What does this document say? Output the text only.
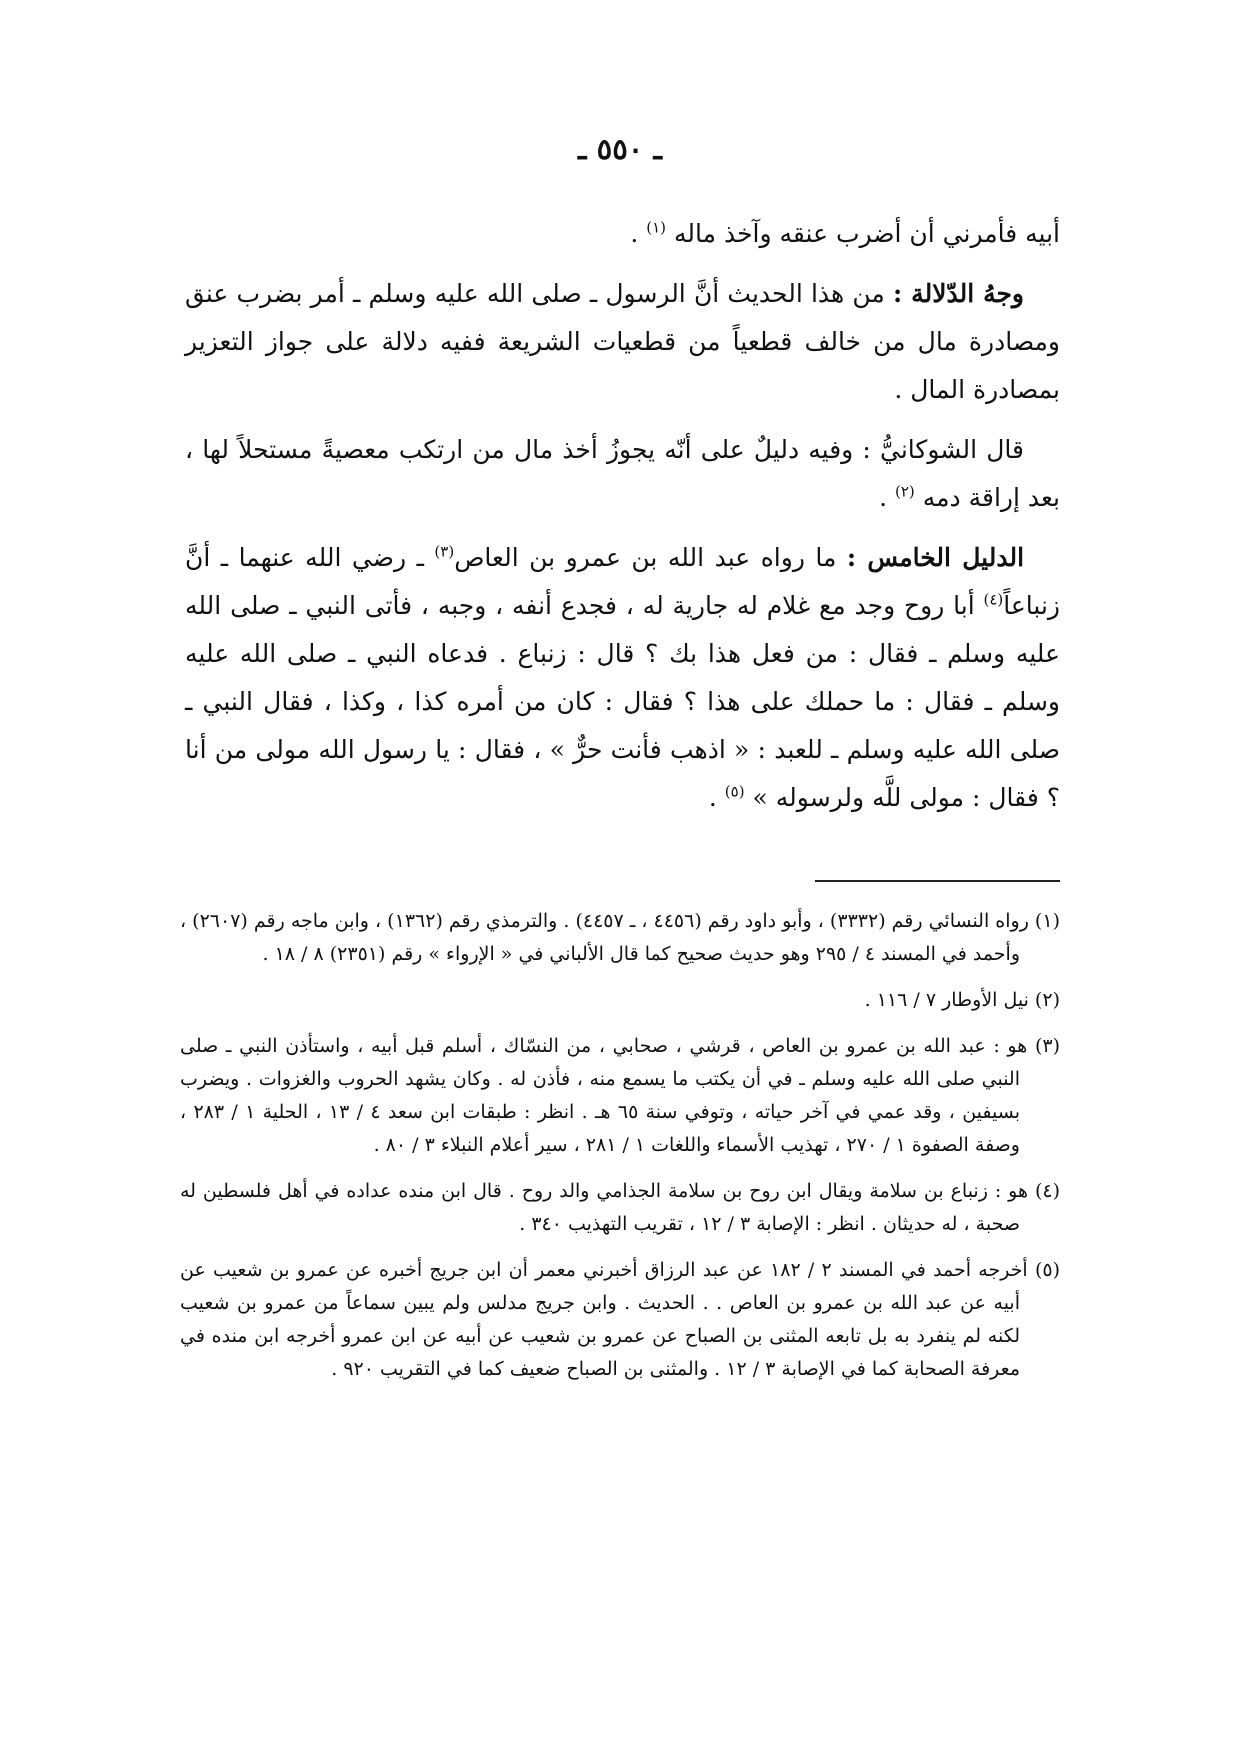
ـ ٥٥٠ ـ

أبيه فأمرني أن أضرب عنقه وآخذ ماله $^{(١)}$ .

وجهُ الدّلالة : من هذا الحديث أنَّ الرسول ـ صلى الله عليه وسلم ـ أمر بضرب عنق ومصادرة مال من خالف قطعياً من قطعيات الشريعة ففيه دلالة على جواز التعزير بمصادرة المال .

قال الشوكانيُّ : وفيه دليلٌ على أنّه يجوزُ أخذ مال من ارتكب معصيةً مستحلاً لها ، بعد إراقة دمه $^{(٢)}$ .

الدليل الخامس : ما رواه عبد الله بن عمرو بن العاص$^{(٣)}$ ـ رضي الله عنهما ـ أنَّ زنباعاً$^{(٤)}$ أبا روح وجد مع غلام له جارية له ، فجدع أنفه ، وجبه ، فأتى النبي ـ صلى الله عليه وسلم ـ فقال : من فعل هذا بك ؟ قال : زنباع . فدعاه النبي ـ صلى الله عليه وسلم ـ فقال : ما حملك على هذا ؟ فقال : كان من أمره كذا ، وكذا ، فقال النبي ـ صلى الله عليه وسلم ـ للعبد : « اذهب فأنت حرٌّ » ، فقال : يا رسول الله مولى من أنا ؟ فقال : مولى للَّه ولرسوله » $^{(٥)}$ .

(١) رواه النسائي رقم (٣٣٣٢) ، وأبو داود رقم (٤٤٥٦ ، ـ ٤٤٥٧) . والترمذي رقم (١٣٦٢) ، وابن ماجه رقم (٢٦٠٧) ، وأحمد في المسند ٤ / ٢٩٥ وهو حديث صحيح كما قال الألباني في « الإرواء » رقم (٢٣٥١) ٨ / ١٨ .

(٢) نيل الأوطار ٧ / ١١٦ .

(٣) هو : عبد الله بن عمرو بن العاص ، قرشي ، صحابي ، من النسّاك ، أسلم قبل أبيه ، واستأذن النبي ـ صلى النبي صلى الله عليه وسلم ـ في أن يكتب ما يسمع منه ، فأذن له . وكان يشهد الحروب والغزوات . ويضرب بسيفين ، وقد عمي في آخر حياته ، وتوفي سنة ٦٥ هـ . انظر : طبقات ابن سعد ٤ / ١٣ ، الحلية ١ / ٢٨٣ ، وصفة الصفوة ١ / ٢٧٠ ، تهذيب الأسماء واللغات ١ / ٢٨١ ، سير أعلام النبلاء ٣ / ٨٠ .

(٤) هو : زنباع بن سلامة ويقال ابن روح بن سلامة الجذامي والد روح . قال ابن منده عداده في أهل فلسطين له صحبة ، له حديثان . انظر : الإصابة ٣ / ١٢ ، تقريب التهذيب ٣٤٠ .

(٥) أخرجه أحمد في المسند ٢ / ١٨٢ عن عبد الرزاق أخبرني معمر أن ابن جريج أخبره عن عمرو بن شعيب عن أبيه عن عبد الله بن عمرو بن العاص . . الحديث . وابن جريج مدلس ولم يبين سماعاً من عمرو بن شعيب لكنه لم ينفرد به بل تابعه المثنى بن الصباح عن عمرو بن شعيب عن أبيه عن ابن عمرو أخرجه ابن منده في معرفة الصحابة كما في الإصابة ٣ / ١٢ . والمثنى بن الصباح ضعيف كما في التقريب ٩٢٠ .
